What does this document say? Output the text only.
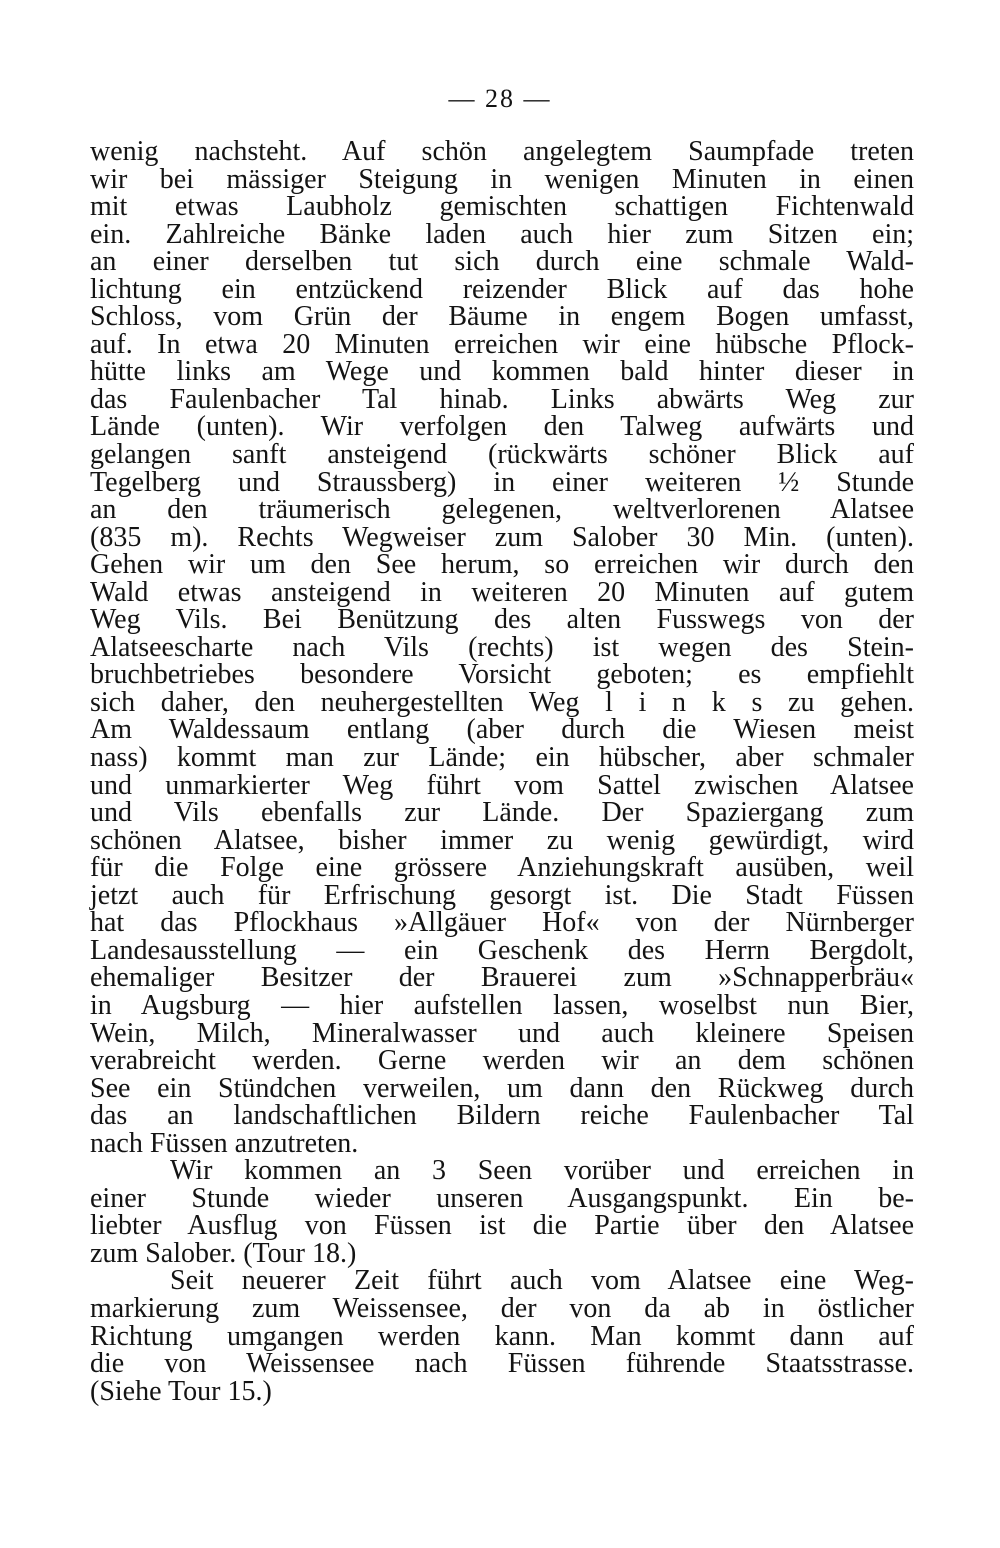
— 28 —
wenig nachsteht. Auf schön angelegtem Saumpfade treten
wir bei mässiger Steigung in wenigen Minuten in einen
mit etwas Laubholz gemischten schattigen Fichtenwald
ein. Zahlreiche Bänke laden auch hier zum Sitzen ein;
an einer derselben tut sich durch eine schmale Wald-
lichtung ein entzückend reizender Blick auf das hohe
Schloss, vom Grün der Bäume in engem Bogen umfasst,
auf. In etwa 20 Minuten erreichen wir eine hübsche Pflock-
hütte links am Wege und kommen bald hinter dieser in
das Faulenbacher Tal hinab. Links abwärts Weg zur
Lände (unten). Wir verfolgen den Talweg aufwärts und
gelangen sanft ansteigend (rückwärts schöner Blick auf
Tegelberg und Straussberg) in einer weiteren ½ Stunde
an den träumerisch gelegenen, weltverlorenen Alatsee
(835 m). Rechts Wegweiser zum Salober 30 Min. (unten).
Gehen wir um den See herum, so erreichen wir durch den
Wald etwas ansteigend in weiteren 20 Minuten auf gutem
Weg Vils. Bei Benützung des alten Fusswegs von der
Alatseescharte nach Vils (rechts) ist wegen des Stein-
bruchbetriebes besondere Vorsicht geboten; es empfiehlt
sich daher, den neuhergestellten Weg l i n k s zu gehen.
Am Waldessaum entlang (aber durch die Wiesen meist
nass) kommt man zur Lände; ein hübscher, aber schmaler
und unmarkierter Weg führt vom Sattel zwischen Alatsee
und Vils ebenfalls zur Lände. Der Spaziergang zum
schönen Alatsee, bisher immer zu wenig gewürdigt, wird
für die Folge eine grössere Anziehungskraft ausüben, weil
jetzt auch für Erfrischung gesorgt ist. Die Stadt Füssen
hat das Pflockhaus »Allgäuer Hof« von der Nürnberger
Landesausstellung — ein Geschenk des Herrn Bergdolt,
ehemaliger Besitzer der Brauerei zum »Schnapperbräu«
in Augsburg — hier aufstellen lassen, woselbst nun Bier,
Wein, Milch, Mineralwasser und auch kleinere Speisen
verabreicht werden. Gerne werden wir an dem schönen
See ein Stündchen verweilen, um dann den Rückweg durch
das an landschaftlichen Bildern reiche Faulenbacher Tal
nach Füssen anzutreten.
Wir kommen an 3 Seen vorüber und erreichen in
einer Stunde wieder unseren Ausgangspunkt. Ein be-
liebter Ausflug von Füssen ist die Partie über den Alatsee
zum Salober. (Tour 18.)
Seit neuerer Zeit führt auch vom Alatsee eine Weg-
markierung zum Weissensee, der von da ab in östlicher
Richtung umgangen werden kann. Man kommt dann auf
die von Weissensee nach Füssen führende Staatsstrasse.
(Siehe Tour 15.)
